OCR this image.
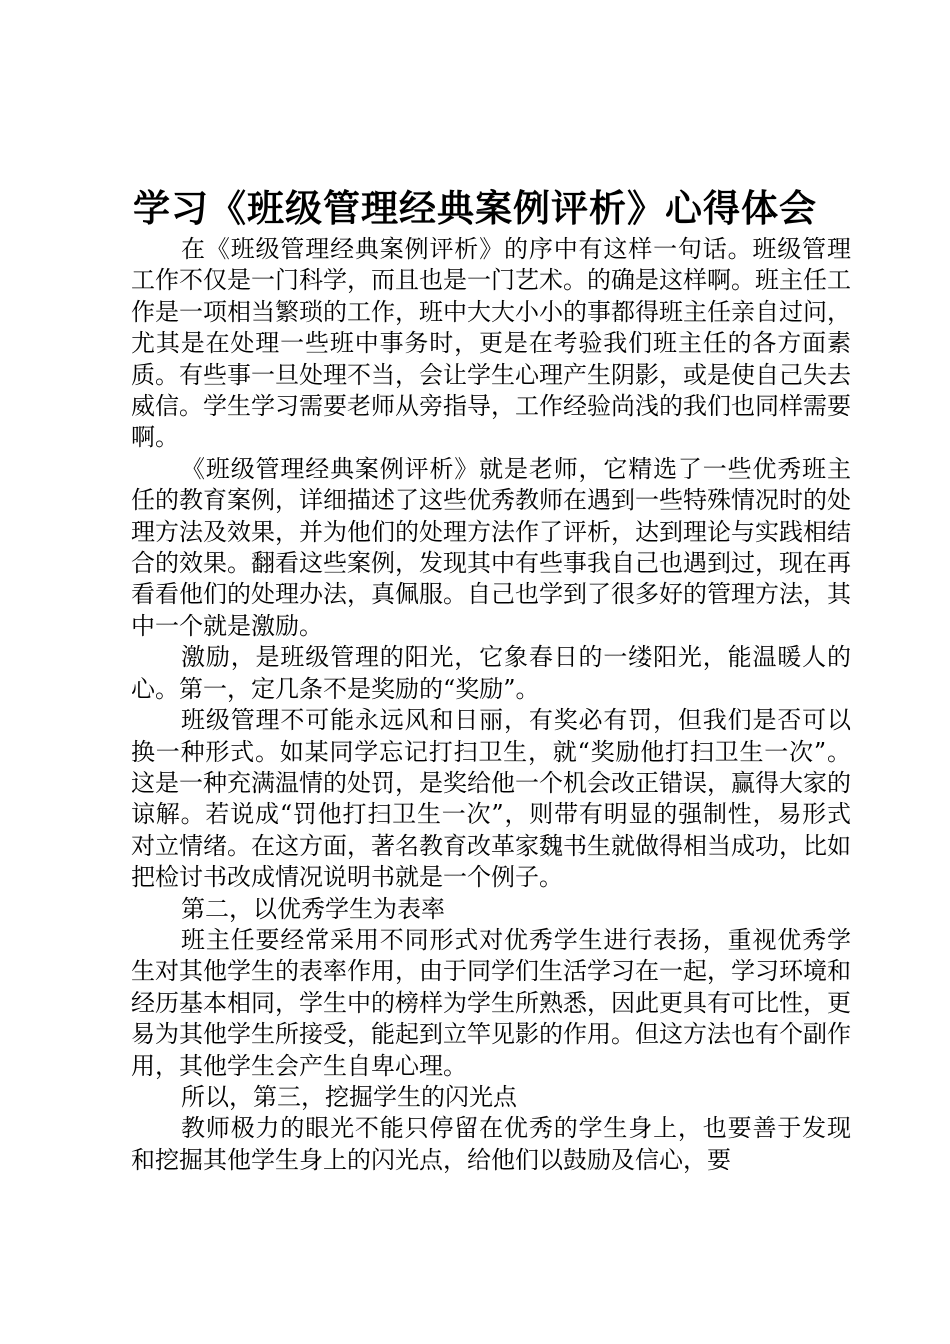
学习《班级管理经典案例评析》心得体会

在《班级管理经典案例评析》的序中有这样一句话。班级管理工作不仅是一门科学，而且也是一门艺术。的确是这样啊。班主任工作是一项相当繁琐的工作，班中大大小小的事都得班主任亲自过问，尤其是在处理一些班中事务时，更是在考验我们班主任的各方面素质。有些事一旦处理不当，会让学生心理产生阴影，或是使自己失去威信。学生学习需要老师从旁指导，工作经验尚浅的我们也同样需要啊。

《班级管理经典案例评析》就是老师，它精选了一些优秀班主任的教育案例，详细描述了这些优秀教师在遇到一些特殊情况时的处理方法及效果，并为他们的处理方法作了评析，达到理论与实践相结合的效果。翻看这些案例，发现其中有些事我自己也遇到过，现在再看看他们的处理办法，真佩服。自己也学到了很多好的管理方法，其中一个就是激励。

激励，是班级管理的阳光，它象春日的一缕阳光，能温暖人的心。第一，定几条不是奖励的“奖励”。

班级管理不可能永远风和日丽，有奖必有罚，但我们是否可以换一种形式。如某同学忘记打扫卫生，就“奖励他打扫卫生一次”。这是一种充满温情的处罚，是奖给他一个机会改正错误，赢得大家的谅解。若说成“罚他打扫卫生一次”，则带有明显的强制性，易形式对立情绪。在这方面，著名教育改革家魏书生就做得相当成功，比如把检讨书改成情况说明书就是一个例子。

第二，以优秀学生为表率

班主任要经常采用不同形式对优秀学生进行表扬，重视优秀学生对其他学生的表率作用，由于同学们生活学习在一起，学习环境和经历基本相同，学生中的榜样为学生所熟悉，因此更具有可比性，更易为其他学生所接受，能起到立竿见影的作用。但这方法也有个副作用，其他学生会产生自卑心理。

所以，第三，挖掘学生的闪光点

教师极力的眼光不能只停留在优秀的学生身上，也要善于发现和挖掘其他学生身上的闪光点，给他们以鼓励及信心，要
